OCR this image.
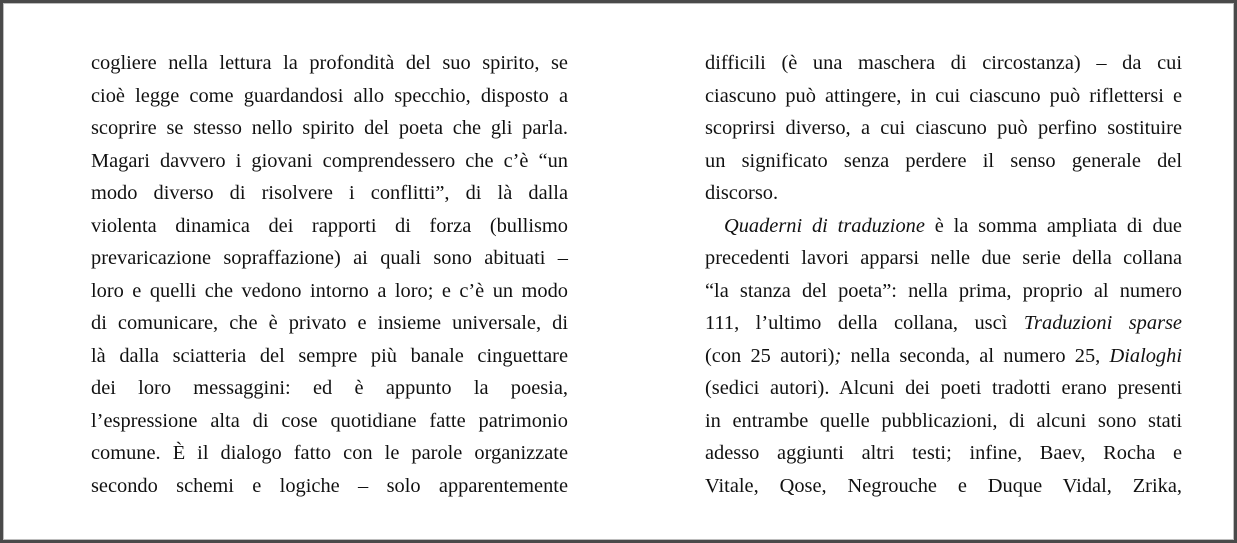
cogliere nella lettura la profondità del suo spirito, se
cioè legge come guardandosi allo specchio, disposto a
scoprire se stesso nello spirito del poeta che gli parla.
Magari davvero i giovani comprendessero che c’è “un
modo diverso di risolvere i conflitti”, di là dalla
violenta dinamica dei rapporti di forza (bullismo
prevaricazione sopraffazione) ai quali sono abituati –
loro e quelli che vedono intorno a loro; e c’è un modo
di comunicare, che è privato e insieme universale, di
là dalla sciatteria del sempre più banale cinguettare
dei loro messaggini: ed è appunto la poesia,
l’espressione alta di cose quotidiane fatte patrimonio
comune. È il dialogo fatto con le parole organizzate
secondo schemi e logiche – solo apparentemente
difficili (è una maschera di circostanza) – da cui
ciascuno può attingere, in cui ciascuno può riflettersi e
scoprirsi diverso, a cui ciascuno può perfino sostituire
un significato senza perdere il senso generale del
discorso.
Quaderni di traduzione è la somma ampliata di due
precedenti lavori apparsi nelle due serie della collana
“la stanza del poeta”: nella prima, proprio al numero
111, l’ultimo della collana, uscì Traduzioni sparse
(con 25 autori); nella seconda, al numero 25, Dialoghi
(sedici autori). Alcuni dei poeti tradotti erano presenti
in entrambe quelle pubblicazioni, di alcuni sono stati
adesso aggiunti altri testi; infine, Baev, Rocha e
Vitale, Qose, Negrouche e Duque Vidal, Zrika,
